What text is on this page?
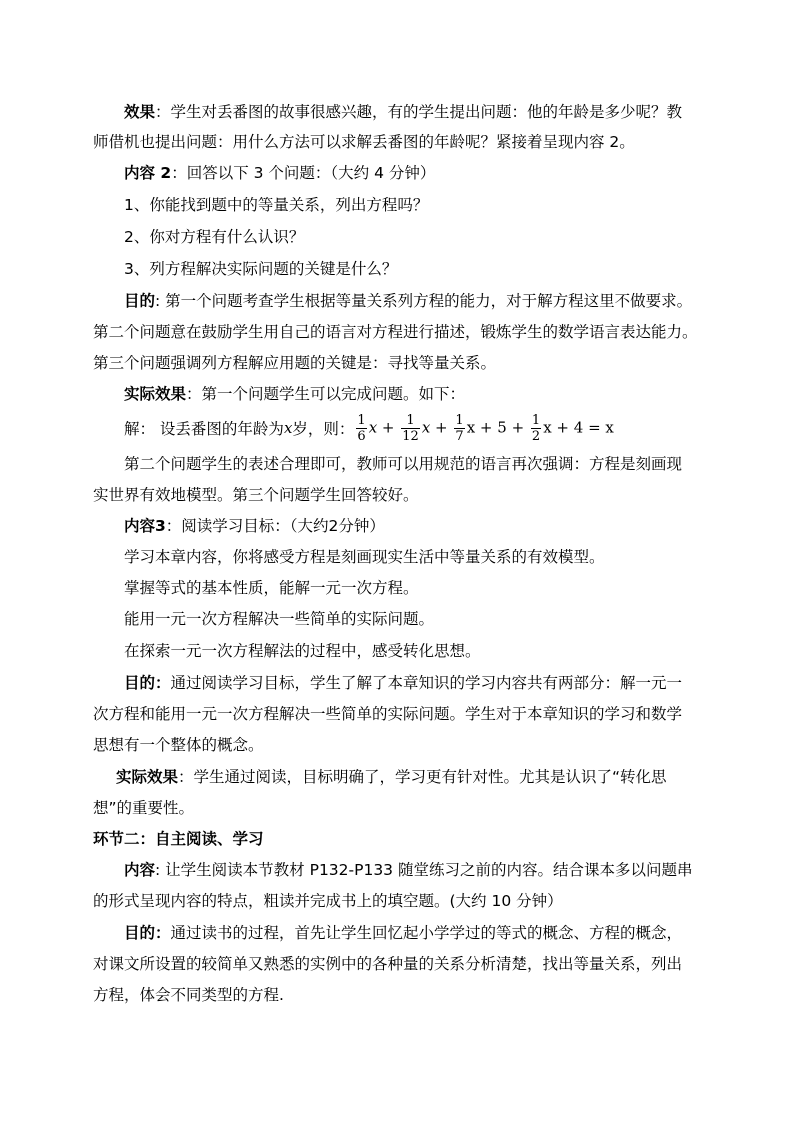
效果：学生对丢番图的故事很感兴趣，有的学生提出问题：他的年龄是多少呢？教
师借机也提出问题：用什么方法可以求解丢番图的年龄呢？紧接着呈现内容 2。
内容 2：回答以下 3 个问题：（大约 4 分钟）
1、你能找到题中的等量关系，列出方程吗？
2、你对方程有什么认识？
3、列方程解决实际问题的关键是什么？
目的: 第一个问题考查学生根据等量关系列方程的能力，对于解方程这里不做要求。
第二个问题意在鼓励学生用自己的语言对方程进行描述，锻炼学生的数学语言表达能力。
第三个问题强调列方程解应用题的关键是：寻找等量关系。
实际效果：第一个问题学生可以完成问题。如下：
解： 设丢番图的年龄为 x 岁，则： $\frac{1}{6}$ $x + \frac{1}{12}$ $x + \frac{1}{7}$ $x + 5 + \frac{1}{2}$ x + 4 = x
第二个问题学生的表述合理即可，教师可以用规范的语言再次强调：方程是刻画现
实世界有效地模型。第三个问题学生回答较好。
内容3：阅读学习目标：（大约2分钟）
学习本章内容，你将感受方程是刻画现实生活中等量关系的有效模型。
掌握等式的基本性质，能解一元一次方程。
能用一元一次方程解决一些简单的实际问题。
在探索一元一次方程解法的过程中，感受转化思想。
目的：通过阅读学习目标，学生了解了本章知识的学习内容共有两部分：解一元一
次方程和能用一元一次方程解决一些简单的实际问题。学生对于本章知识的学习和数学
思想有一个整体的概念。
实际效果：学生通过阅读，目标明确了，学习更有针对性。尤其是认识了“转化思
想”的重要性。
环节二：自主阅读、学习
内容: 让学生阅读本节教材 P132-P133 随堂练习之前的内容。结合课本多以问题串
的形式呈现内容的特点，粗读并完成书上的填空题。(大约 10 分钟）
目的：通过读书的过程，首先让学生回忆起小学学过的等式的概念、方程的概念，
对课文所设置的较简单又熟悉的实例中的各种量的关系分析清楚，找出等量关系，列出
方程，体会不同类型的方程.
